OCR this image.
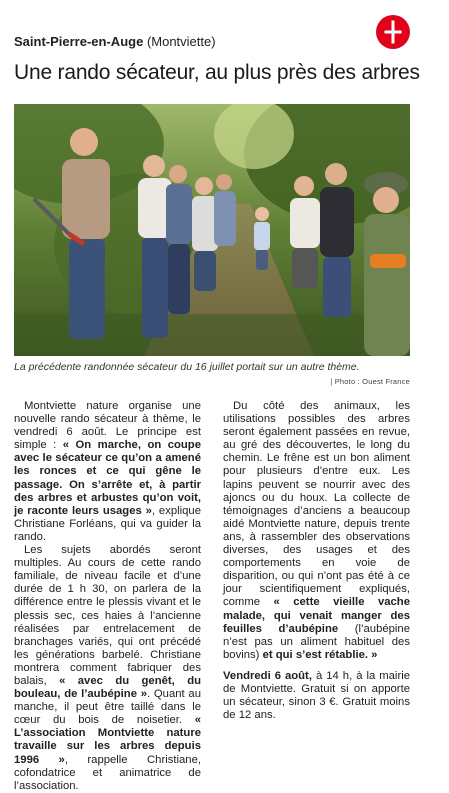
Saint-Pierre-en-Auge (Montviette)
Une rando sécateur, au plus près des arbres
La précédente randonnée sécateur du 16 juillet portait sur un autre thème.
| Photo : Ouest France

Montviette nature organise une nouvelle rando sécateur à thème, le vendredi 6 août. Le principe est simple : « On marche, on coupe avec le sécateur ce qu’on a amené les ronces et ce qui gêne le passage. On s’arrête et, à partir des arbres et arbustes qu’on voit, je raconte leurs usages », explique Christiane Forléans, qui va guider la rando.

Les sujets abordés seront multiples. Au cours de cette rando familiale, de niveau facile et d’une durée de 1 h 30, on parlera de la différence entre le plessis vivant et le plessis sec, ces haies à l’ancienne réalisées par entrelacement de branchages variés, qui ont précédé les générations barbelé. Christiane montrera comment fabriquer des balais, « avec du genêt, du bouleau, de l’aubépine ». Quant au manche, il peut être taillé dans le cœur du bois de noisetier. « L’association Montviette nature travaille sur les arbres depuis 1996 », rappelle Christiane, cofondatrice et animatrice de l’association.

Du côté des animaux, les utilisations possibles des arbres seront également passées en revue, au gré des découvertes, le long du chemin. Le frêne est un bon aliment pour plusieurs d’entre eux. Les lapins peuvent se nourrir avec des ajoncs ou du houx. La collecte de témoignages d’anciens a beaucoup aidé Montviette nature, depuis trente ans, à rassembler des observations diverses, des usages et des comportements en voie de disparition, ou qui n’ont pas été à ce jour scientifiquement expliqués, comme « cette vieille vache malade, qui venait manger des feuilles d’aubépine (l’aubépine n’est pas un aliment habituel des bovins) et qui s’est rétablie. »

Vendredi 6 août, à 14 h, à la mairie de Montviette. Gratuit si on apporte un sécateur, sinon 3 €. Gratuit moins de 12 ans.
